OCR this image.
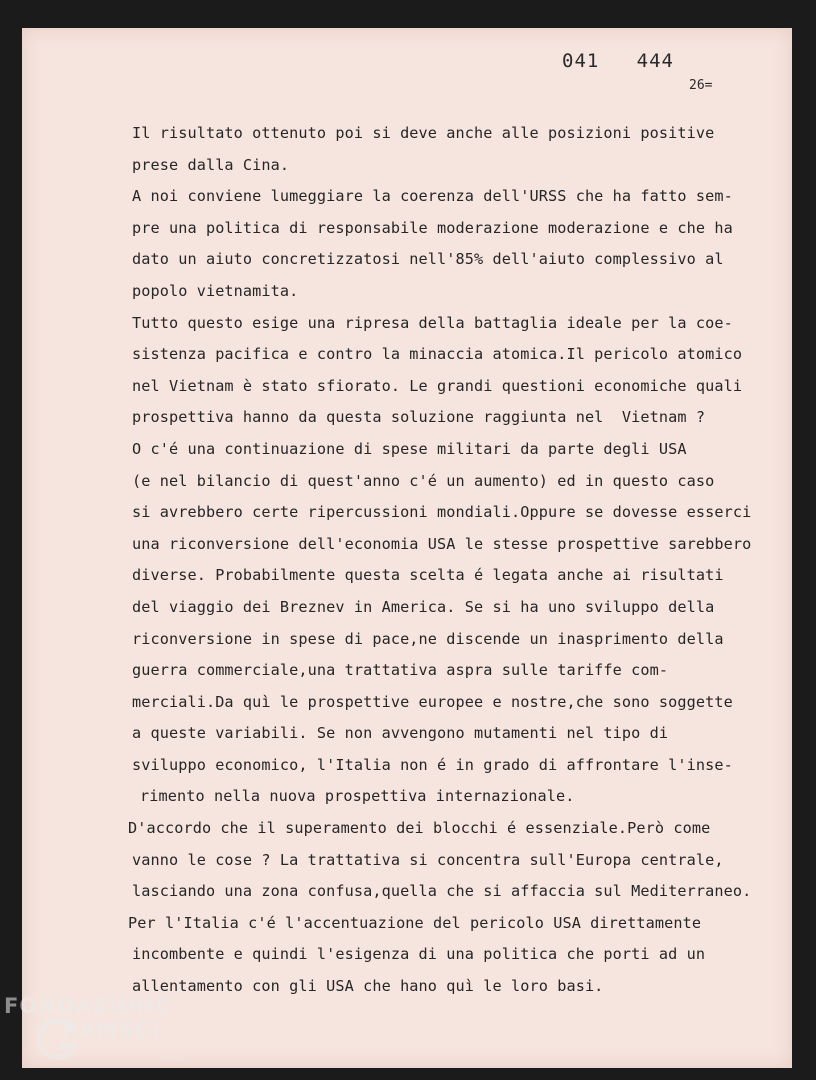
041   444
26=
Il risultato ottenuto poi si deve anche alle posizioni positive
prese dalla Cina.
A noi conviene lumeggiare la coerenza dell'URSS che ha fatto sem-
pre una politica di responsabile moderazione moderazione e che ha
dato un aiuto concretizzatosi nell'85% dell'aiuto complessivo al
popolo vietnamita.
Tutto questo esige una ripresa della battaglia ideale per la coe-
sistenza pacifica e contro la minaccia atomica.Il pericolo atomico
nel Vietnam è stato sfiorato. Le grandi questioni economiche quali
prospettiva hanno da questa soluzione raggiunta nel  Vietnam ?
O c'é una continuazione di spese militari da parte degli USA
(e nel bilancio di quest'anno c'é un aumento) ed in questo caso
si avrebbero certe ripercussioni mondiali.Oppure se dovesse esserci
una riconversione dell'economia USA le stesse prospettive sarebbero
diverse. Probabilmente questa scelta é legata anche ai risultati
del viaggio dei Breznev in America. Se si ha uno sviluppo della
riconversione in spese di pace,ne discende un inasprimento della
guerra commerciale,una trattativa aspra sulle tariffe com-
merciali.Da quì le prospettive europee e nostre,che sono soggette
a queste variabili. Se non avvengono mutamenti nel tipo di
sviluppo economico, l'Italia non é in grado di affrontare l'inse-
rimento nella nuova prospettiva internazionale.
D'accordo che il superamento dei blocchi é essenziale.Però come
vanno le cose ? La trattativa si concentra sull'Europa centrale,
lasciando una zona confusa,quella che si affaccia sul Mediterraneo.
Per l'Italia c'é l'accentuazione del pericolo USA direttamente
incombente e quindi l'esigenza di una politica che porti ad un
allentamento con gli USA che hano quì le loro basi.
FONDAZIONE
RAMSCI
onlus
